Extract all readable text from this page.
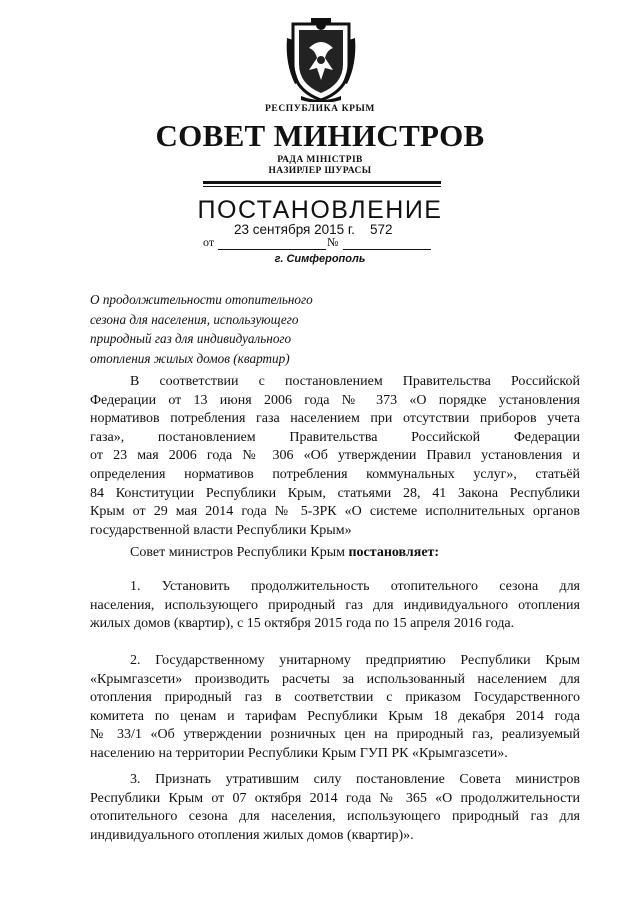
РЕСПУБЛИКА КРЫМ
СОВЕТ МИНИСТРОВ
РАДА МІНІСТРІВ
НАЗИРЛЕР ШУРАСЫ
ПОСТАНОВЛЕНИЕ
23 сентября 2015 г. 572
от	№
г. Симферополь
О продолжительности отопительного
сезона для населения, использующего
природный газ для индивидуального
отопления жилых домов (квартир)
В соответствии с постановлением Правительства Российской
Федерации от 13 июня 2006 года № 373 «О порядке установления
нормативов потребления газа населением при отсутствии приборов учета
газа», постановлением Правительства Российской Федерации
от 23 мая 2006 года № 306 «Об утверждении Правил установления и
определения нормативов потребления коммунальных услуг», статьёй
84 Конституции Республики Крым, статьями 28, 41 Закона Республики
Крым от 29 мая 2014 года № 5-ЗРК «О системе исполнительных органов
государственной власти Республики Крым»
Совет министров Республики Крым постановляет:
1. Установить продолжительность отопительного сезона для
населения, использующего природный газ для индивидуального отопления
жилых домов (квартир), с 15 октября 2015 года по 15 апреля 2016 года.
2. Государственному унитарному предприятию Республики Крым
«Крымгазсети» производить расчеты за использованный населением для
отопления природный газ в соответствии с приказом Государственного
комитета по ценам и тарифам Республики Крым 18 декабря 2014 года
№ 33/1 «Об утверждении розничных цен на природный газ, реализуемый
населению на территории Республики Крым ГУП РК «Крымгазсети».
3. Признать утратившим силу постановление Совета министров
Республики Крым от 07 октября 2014 года № 365 «О продолжительности
отопительного сезона для населения, использующего природный газ для
индивидуального отопления жилых домов (квартир)».
